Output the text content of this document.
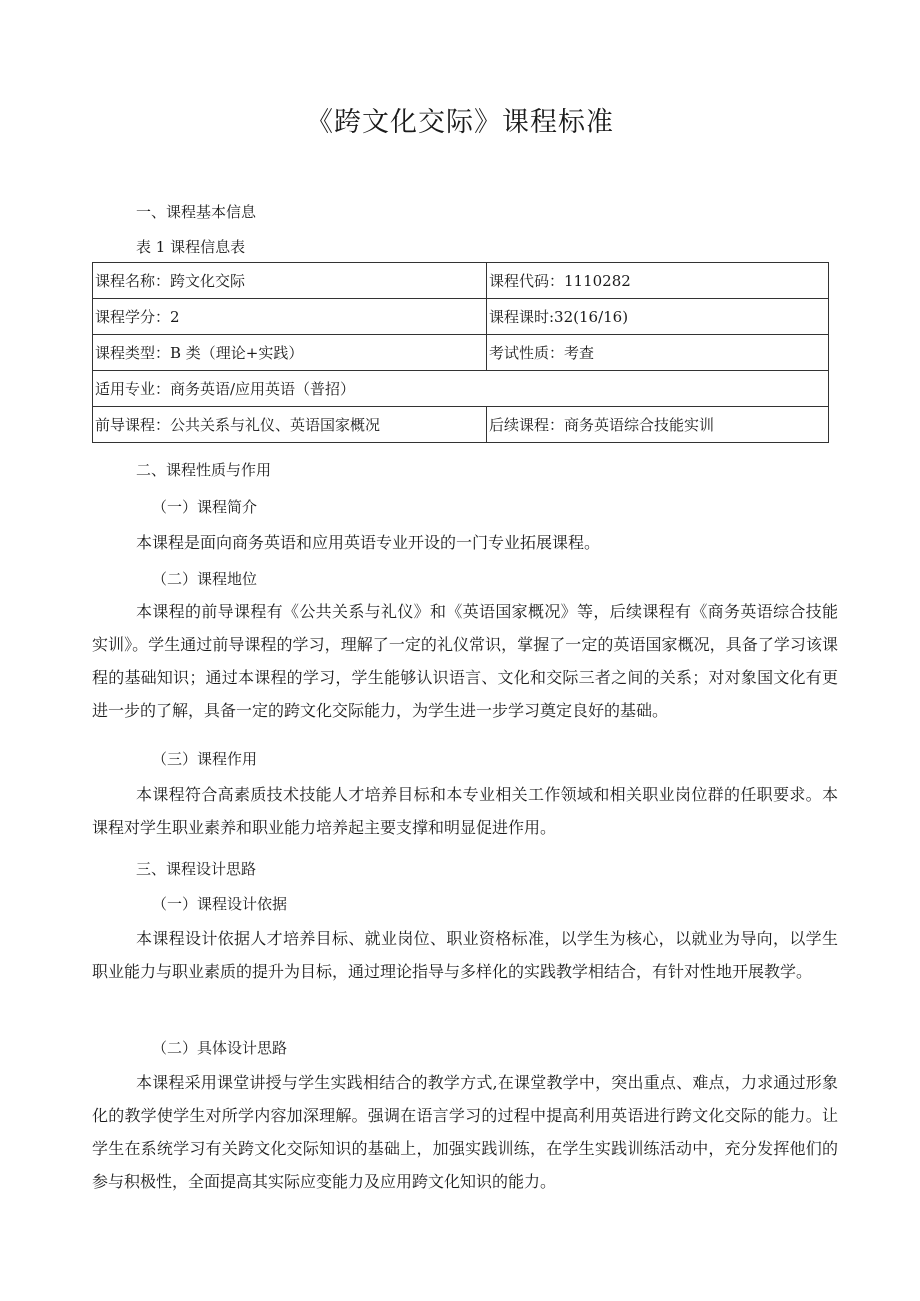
《跨文化交际》课程标准

一、课程基本信息

表 1 课程信息表

课程名称：跨文化交际	课程代码：1110282
课程学分：2	课程课时:32(16/16)
课程类型：B 类（理论+实践）	考试性质：考查
适用专业：商务英语/应用英语（普招）	
前导课程：公共关系与礼仪、英语国家概况	后续课程：商务英语综合技能实训

二、课程性质与作用

（一）课程简介

本课程是面向商务英语和应用英语专业开设的一门专业拓展课程。

（二）课程地位

本课程的前导课程有《公共关系与礼仪》和《英语国家概况》等，后续课程有《商务英语综合技能实训》。学生通过前导课程的学习，理解了一定的礼仪常识，掌握了一定的英语国家概况，具备了学习该课程的基础知识；通过本课程的学习，学生能够认识语言、文化和交际三者之间的关系；对对象国文化有更进一步的了解，具备一定的跨文化交际能力，为学生进一步学习奠定良好的基础。

（三）课程作用

本课程符合高素质技术技能人才培养目标和本专业相关工作领域和相关职业岗位群的任职要求。本课程对学生职业素养和职业能力培养起主要支撑和明显促进作用。

三、课程设计思路

（一）课程设计依据

本课程设计依据人才培养目标、就业岗位、职业资格标准，以学生为核心，以就业为导向，以学生职业能力与职业素质的提升为目标，通过理论指导与多样化的实践教学相结合，有针对性地开展教学。

（二）具体设计思路

本课程采用课堂讲授与学生实践相结合的教学方式,在课堂教学中，突出重点、难点，力求通过形象化的教学使学生对所学内容加深理解。强调在语言学习的过程中提高利用英语进行跨文化交际的能力。让学生在系统学习有关跨文化交际知识的基础上，加强实践训练，在学生实践训练活动中，充分发挥他们的参与积极性，全面提高其实际应变能力及应用跨文化知识的能力。
